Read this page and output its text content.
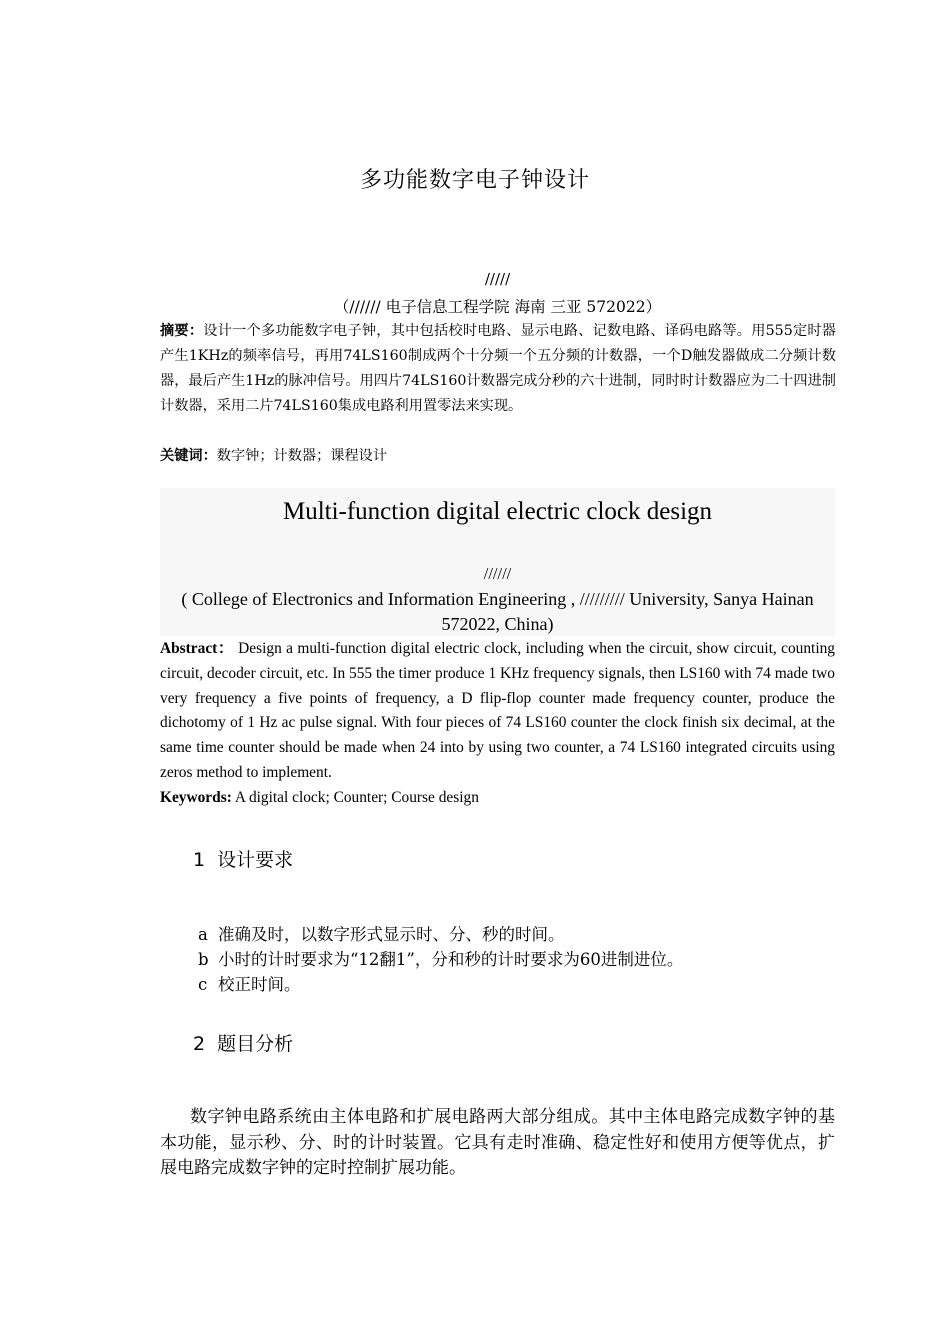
多功能数字电子钟设计
/////
（////// 电子信息工程学院 海南 三亚 572022）
摘要：设计一个多功能数字电子钟，其中包括校时电路、显示电路、记数电路、译码电路等。用555定时器产生1KHz的频率信号，再用74LS160制成两个十分频一个五分频的计数器，一个D触发器做成二分频计数器，最后产生1Hz的脉冲信号。用四片74LS160计数器完成分秒的六十进制，同时时计数器应为二十四进制计数器，采用二片74LS160集成电路利用置零法来实现。
关键词：数字钟；计数器；课程设计
Multi-function digital electric clock design
//////
( College of Electronics and Information Engineering , ///////// University, Sanya Hainan 572022, China)
Abstract： Design a multi-function digital electric clock, including when the circuit, show circuit, counting circuit, decoder circuit, etc. In 555 the timer produce 1 KHz frequency signals, then LS160 with 74 made two very frequency a five points of frequency, a D flip-flop counter made frequency counter, produce the dichotomy of 1 Hz ac pulse signal. With four pieces of 74 LS160 counter the clock finish six decimal, at the same time counter should be made when 24 into by using two counter, a 74 LS160 integrated circuits using zeros method to implement.
Keywords: A digital clock; Counter; Course design
1 设计要求
a 准确及时，以数字形式显示时、分、秒的时间。
b 小时的计时要求为“12翻1”，分和秒的计时要求为60进制进位。
c 校正时间。
2 题目分析
数字钟电路系统由主体电路和扩展电路两大部分组成。其中主体电路完成数字钟的基本功能，显示秒、分、时的计时装置。它具有走时准确、稳定性好和使用方便等优点，扩展电路完成数字钟的定时控制扩展功能。
